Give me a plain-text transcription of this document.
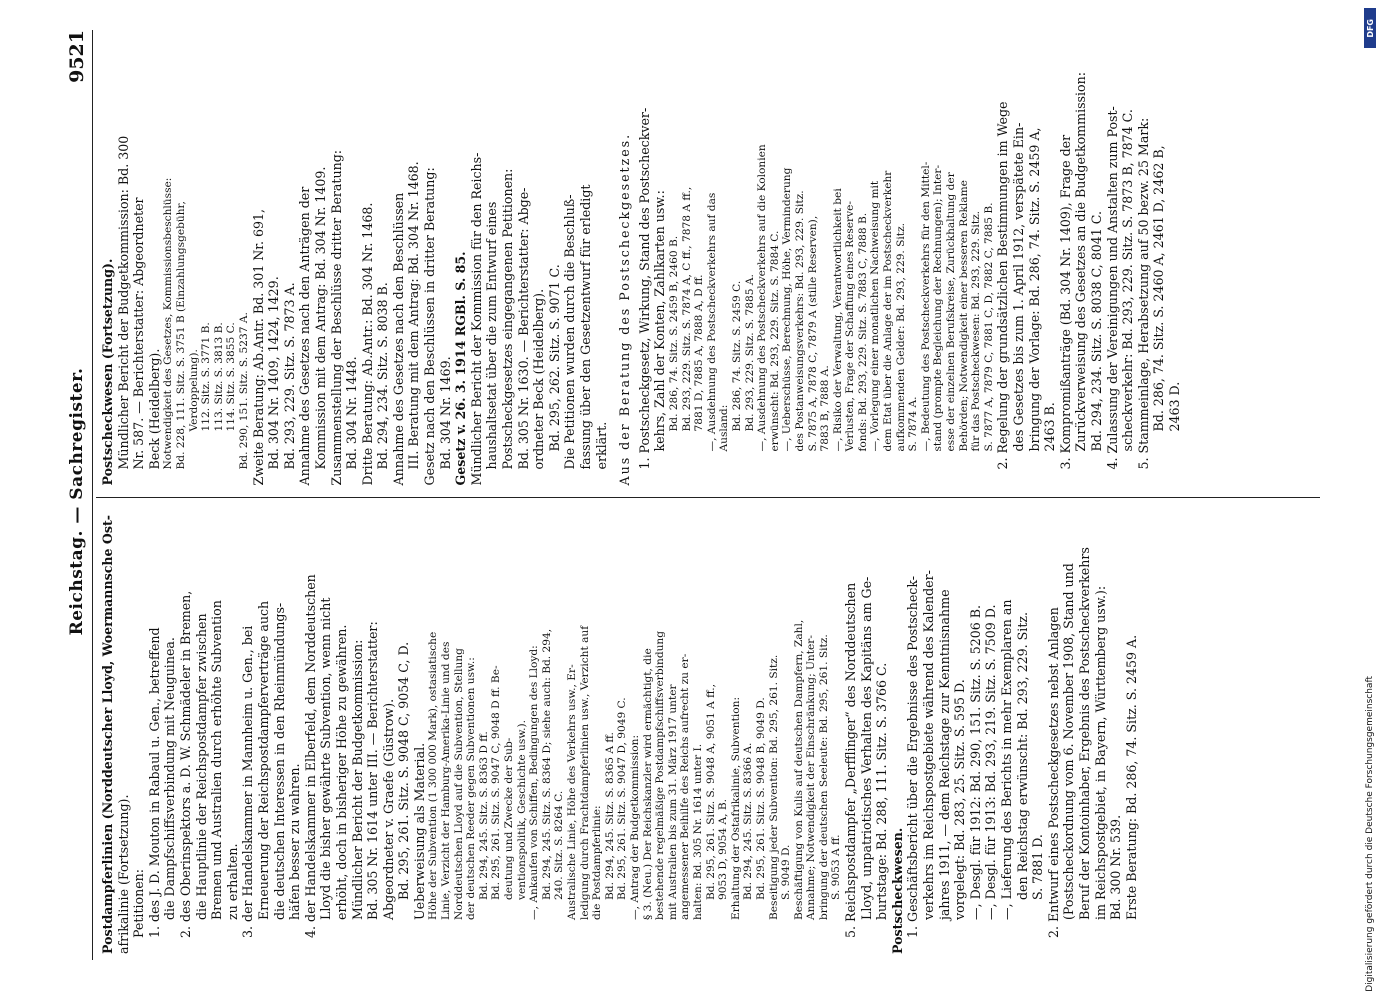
Reichstag. — Sachregister.
9521

Postdampferlinien (Norddeutscher Lloyd, Woermannsche Ost- afrikalinie (Fortsetzung). Petitionen: 1. des J. D. Mouton in Rabaul u. Gen., betreffend die Dampfschiffsverbindung mit Neuguinea. 2. des Oberinspektors a. D. W. Schmädeler in Bremen, die Hauptlinie der Reichspostdampfer zwischen Bremen und Australien durch erhöhte Subvention zu erhalten. 3. der Handelskammer in Mannheim u. Gen., bei Erneuerung der Reichspostdampferverträge auch die deutschen Interessen in den Rheinmündungs- häfen besser zu wahren. 4. der Handelskammer in Elberfeld, dem Norddeutschen Lloyd die bisher gewährte Subvention, wenn nicht erhöht, doch in bisheriger Höhe zu gewähren. Mündlicher Bericht der Budgetkommission: Bd. 305 Nr. 1614 unter III. — Berichterstatter: Abgeordneter v. Graefe (Güstrow). Bd. 295, 261. Sitz. S. 9048 C, 9054 C, D. Ueberweisung als Material. Höhe der Subvention (1 300 000 Mark), ostasiatische Linie, Verzicht der Hamburg-Amerika-Linie und des Norddeutschen Lloyd auf die Subvention, Stellung der deutschen Reeder gegen Subventionen usw.: Bd. 294, 245. Sitz. S. 8363 D ff. Bd. 295, 261. Sitz. S. 9047 C, 9048 D ff. Be- deutung und Zwecke der Sub- ventionspolitik, Geschichte usw.). —, Ankaufen von Schiffen, Bedingungen des Lloyd: Bd. 294, 245. Sitz. S. 8364 D; siehe auch: Bd. 294, 240. Sitz. S. 8264 C. Australische Linie, Höhe des Verkehrs usw., Er- ledigung durch Frachtdampferlinien usw., Verzicht auf die Postdampferlinie: Bd. 294, 245. Sitz. S. 8365 A ff. Bd. 295, 261. Sitz. S. 9047 D, 9049 C. —, Antrag der Budgetkommission: § 3. (Neu.) Der Reichskanzler wird ermächtigt, die bestehende regelmäßige Postdampfschiffsverbindung mit Australien bis zum 31. März 1917 unter angemessener Beihilfe des Reichs aufrecht zu er- halten: Bd. 305 Nr. 1614 unter I. Bd. 295, 261. Sitz. S. 9048 A, 9051 A ff., 9053 D, 9054 A, B. Erhaltung der Ostafrikalinie, Subvention: Bd. 294, 245. Sitz. S. 8366 A. Bd. 295, 261. Sitz. S. 9048 B, 9049 D. Beseitigung jeder Subvention: Bd. 295, 261. Sitz. S. 9049 D. Beschäftigung von Kulis auf deutschen Dampfern, Zahl, Annahme; Notwendigkeit der Einschränkung; Unter- bringung der deutschen Seeleute: Bd. 295, 261. Sitz. S. 9053 A ff. 5. Reichspostdampfer „Derfflinger“ des Norddeutschen Lloyd, unpatriotisches Verhalten des Kapitäns am Ge- burtstage: Bd. 288, 111. Sitz. S. 3766 C. Postscheckwesen. 1. Geschäftsbericht über die Ergebnisse des Postscheck- verkehrs im Reichspostgebiete während des Kalender- jahres 1911, — dem Reichstage zur Kenntnisnahme vorgelegt: Bd. 283, 25. Sitz. S. 595 D. —, Desgl. für 1912: Bd. 290, 151. Sitz. S. 5206 B. —, Desgl. für 1913: Bd. 293, 219. Sitz. S. 7509 D. —, Lieferung des Berichts in mehr Exemplaren an den Reichstag erwünscht: Bd. 293, 229. Sitz. S. 7881 D. 2. Entwurf eines Postscheckgesetzes nebst Anlagen (Postscheckordnung vom 6. November 1908, Stand und Beruf der Kontoinhaber, Ergebnis des Postscheckverkehrs im Reichspostgebiet, in Bayern, Württemberg usw.): Bd. 300 Nr. 539. Erste Beratung: Bd. 286, 74. Sitz. S. 2459 A.

Postscheckwesen (Fortsetzung). Mündlicher Bericht der Budgetkommission: Bd. 300 Nr. 587. — Berichterstatter: Abgeordneter Beck (Heidelberg). Notwendigkeit des Gesetzes, Kommissionsbeschlüsse: Bd. 228, 111. Sitz. S. 3751 B (Einzahlungsgebühr, Verdoppelung). 112. Sitz. S. 3771 B. 113. Sitz. S. 3813 B. 114. Sitz. S. 3855 C. Bd. 290, 151. Sitz. S. 5237 A. Zweite Beratung: Ab.Antr. Bd. 301 Nr. 691, Bd. 304 Nr. 1409, 1424, 1429. Bd. 293, 229. Sitz. S. 7873 A. Annahme des Gesetzes nach den Anträgen der Kommission mit dem Antrag: Bd. 304 Nr. 1409. Zusammenstellung der Beschlüsse dritter Beratung: Bd. 304 Nr. 1448. Dritte Beratung: Ab.Antr.: Bd. 304 Nr. 1468. Bd. 294, 234. Sitz. S. 8038 B. Annahme des Gesetzes nach den Beschlüssen III. Beratung mit dem Antrag: Bd. 304 Nr. 1468. Gesetz nach den Beschlüssen in dritter Beratung: Bd. 304 Nr. 1469. Gesetz v. 26. 3. 1914 RGBl. S. 85. Mündlicher Bericht der Kommission für den Reichs- haushaltsetat über die zum Entwurf eines Postscheckgesetzes eingegangenen Petitionen: Bd. 305 Nr. 1630. — Berichterstatter: Abge- ordneter Beck (Heidelberg). Bd. 295, 262. Sitz. S. 9071 C. Die Petitionen wurden durch die Beschluß- fassung über den Gesetzentwurf für erledigt erklärt. Aus der Beratung des Postscheckgesetzes. 1. Postscheckgesetz, Wirkung, Stand des Postscheckver- kehrs, Zahl der Konten, Zahlkarten usw.: Bd. 286, 74. Sitz. S. 2459 B, 2460 B. Bd. 293, 229. Sitz. S. 7874 A, C ff., 7878 A ff., 7881 D, 7885 A, 7888 A, D ff. —, Ausdehnung des Postscheckverkehrs auf das Ausland: Bd. 286, 74. Sitz. S. 2459 C. Bd. 293, 229. Sitz. S. 7885 A. —, Ausdehnung des Postscheckverkehrs auf die Kolonien erwünscht: Bd. 293, 229. Sitz. S. 7884 C. —, Ueberschüsse, Berechnung, Höhe, Verminderung des Postanweisungsverkehrs: Bd. 293, 229. Sitz. S. 7875 A, 7878 C, 7879 A (stille Reserven), 7883 B, 7888 A. —, Risiko der Verwaltung, Verantwortlichkeit bei Verlusten, Frage der Schaffung eines Reserve- fonds: Bd. 293, 229. Sitz. S. 7883 C, 7888 B. —, Vorlegung einer monatlichen Nachweisung mit dem Etat über die Anlage der im Postscheckverkehr aufkommenden Gelder: Bd. 293, 229. Sitz. S. 7874 A. —, Bedeutung des Postscheckverkehrs für den Mittel- stand (prompte Begleichung der Rechnungen); Inter- esse der einzelnen Berufskreise, Zurückhaltung der Behörden; Notwendigkeit einer besseren Reklame für das Postscheckwesen: Bd. 293, 229. Sitz. S. 7877 A, 7879 C, 7881 C, D, 7882 C, 7885 B. 2. Regelung der grundsätzlichen Bestimmungen im Wege des Gesetzes bis zum 1. April 1912, verspätete Ein- bringung der Vorlage: Bd. 286, 74. Sitz. S. 2459 A, 2463 B. 3. Kompromißanträge (Bd. 304 Nr. 1409), Frage der Zurückverweisung des Gesetzes an die Budgetkommission: Bd. 294, 234. Sitz. S. 8038 C, 8041 C. 4. Zulassung der Vereinigungen und Anstalten zum Post- scheckverkehr: Bd. 293, 229. Sitz. S. 7873 B, 7874 C. 5. Stammeinlage, Herabsetzung auf 50 bezw. 25 Mark: Bd. 286, 74. Sitz. S. 2460 A, 2461 D, 2462 B, 2463 D.

DFG
Digitalisierung gefördert durch die Deutsche Forschungsgemeinschaft
